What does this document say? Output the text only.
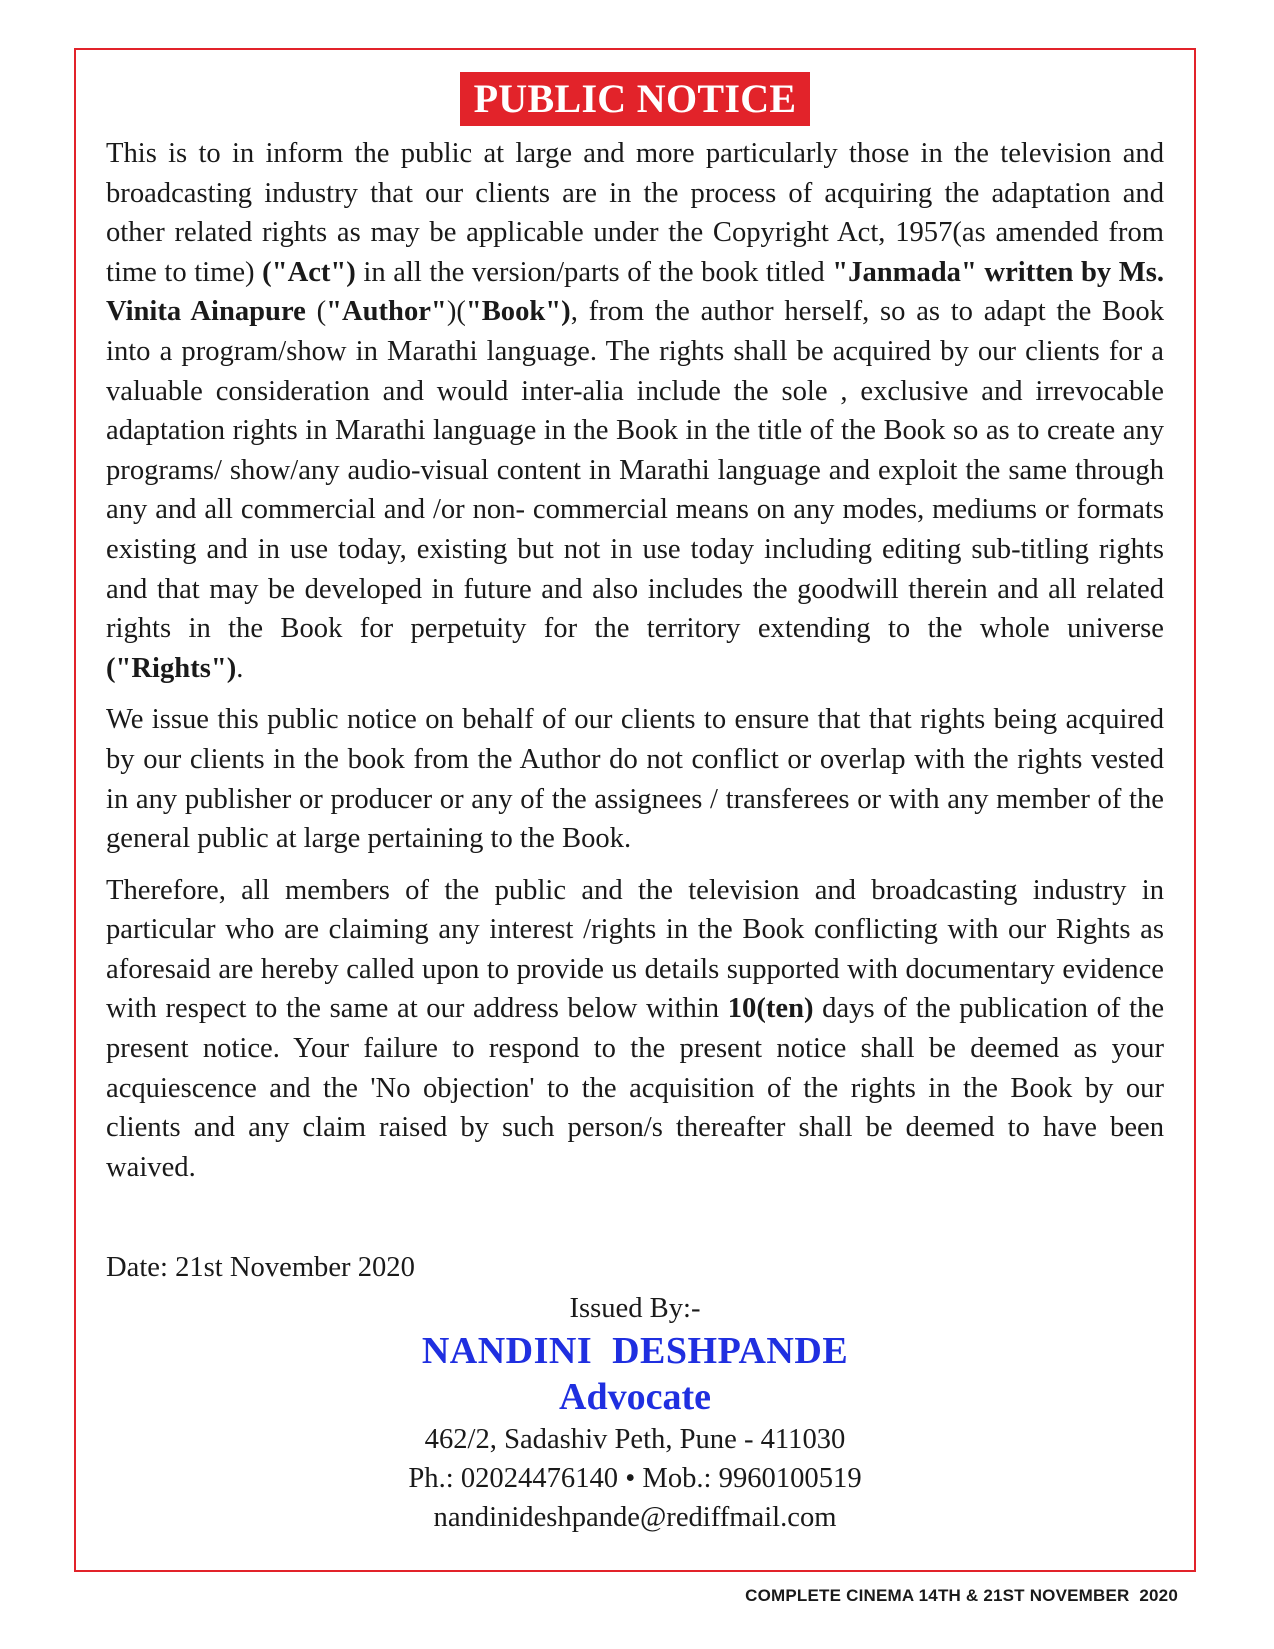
PUBLIC NOTICE

This is to in inform the public at large and more particularly those in the television and broadcasting industry that our clients are in the process of acquiring the adaptation and other related rights as may be applicable under the Copyright Act, 1957(as amended from time to time) ("Act") in all the version/parts of the book titled "Janmada" written by Ms. Vinita Ainapure ("Author")("Book"), from the author herself, so as to adapt the Book into a program/show in Marathi language. The rights shall be acquired by our clients for a valuable consideration and would inter-alia include the sole , exclusive and irrevocable adaptation rights in Marathi language in the Book in the title of the Book so as to create any programs/ show/any audio-visual content in Marathi language and exploit the same through any and all commercial and /or non- commercial means on any modes, mediums or formats existing and in use today, existing but not in use today including editing sub-titling rights and that may be developed in future and also includes the goodwill therein and all related rights in the Book for perpetuity for the territory extending to the whole universe ("Rights").

We issue this public notice on behalf of our clients to ensure that that rights being acquired by our clients in the book from the Author do not conflict or overlap with the rights vested in any publisher or producer or any of the assignees / transferees or with any member of the general public at large pertaining to the Book.

Therefore, all members of the public and the television and broadcasting industry in particular who are claiming any interest /rights in the Book conflicting with our Rights as aforesaid are hereby called upon to provide us details supported with documentary evidence with respect to the same at our address below within 10(ten) days of the publication of the present notice. Your failure to respond to the present notice shall be deemed as your acquiescence and the 'No objection' to the acquisition of the rights in the Book by our clients and any claim raised by such person/s thereafter shall be deemed to have been waived.

Date: 21st November 2020
Issued By:-
NANDINI  DESHPANDE
Advocate
462/2, Sadashiv Peth, Pune - 411030
Ph.: 02024476140 • Mob.: 9960100519
nandinideshpande@rediffmail.com
COMPLETE CINEMA 14TH & 21ST NOVEMBER  2020
